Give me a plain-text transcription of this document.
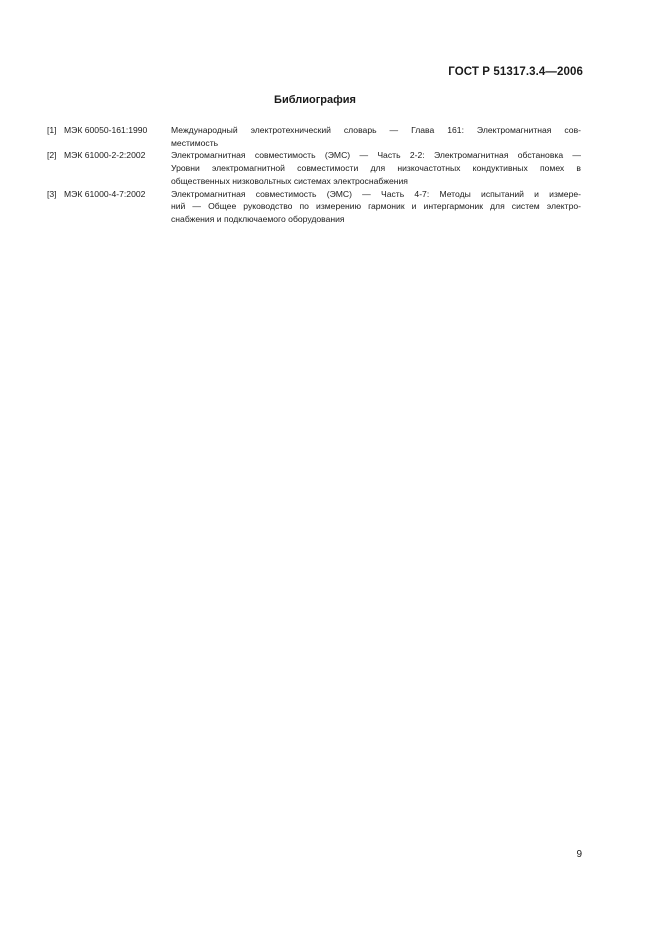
ГОСТ Р 51317.3.4—2006
Библиография
[1] МЭК 60050-161:1990	Международный электротехнический словарь — Глава 161: Электромагнитная сов-
местимость
[2] МЭК 61000-2-2:2002	Электромагнитная совместимость (ЭМС) — Часть 2-2: Электромагнитная обстановка —
Уровни электромагнитной совместимости для низкочастотных кондуктивных помех в
общественных низковольтных системах электроснабжения
[3] МЭК 61000-4-7:2002	Электромагнитная совместимость (ЭМС) — Часть 4-7: Методы испытаний и измере-
ний — Общее руководство по измерению гармоник и интергармоник для систем электро-
снабжения и подключаемого оборудования
9
